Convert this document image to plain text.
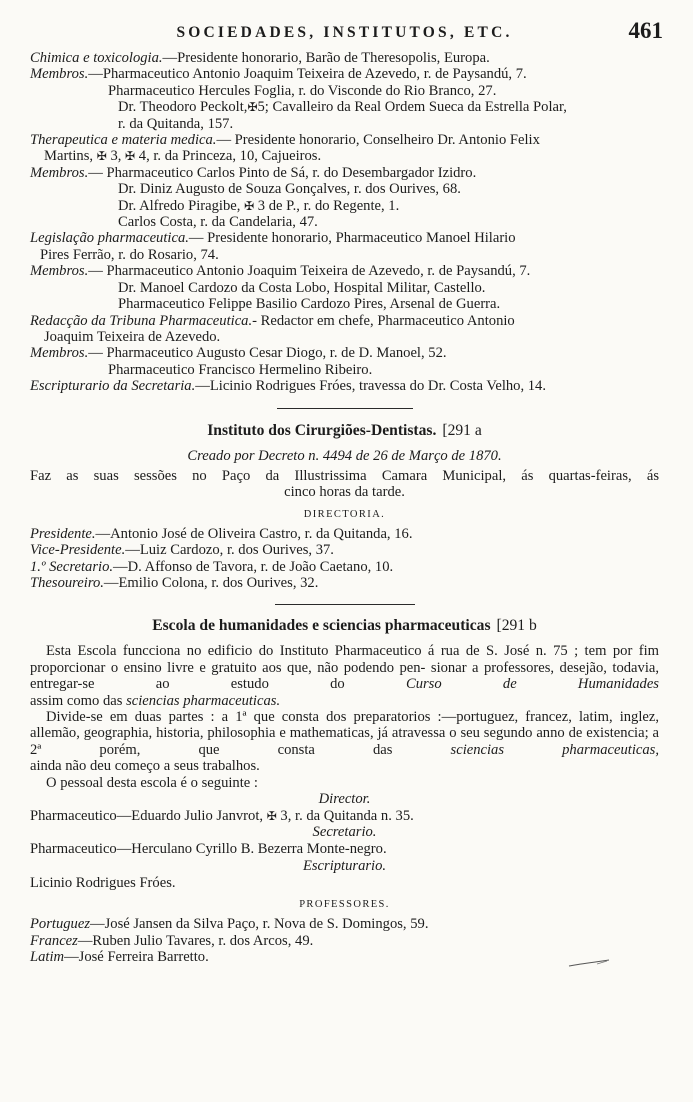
SOCIEDADES, INSTITUTOS, ETC.	461
Chimica e toxicologia.—Presidente honorario, Barão de Theresopolis, Europa.
Membros.—Pharmaceutico Antonio Joaquim Teixeira de Azevedo, r. de Paysandú, 7.
Pharmaceutico Hercules Foglia, r. do Visconde do Rio Branco, 27.
Dr. Theodoro Peckolt,✠5; Cavalleiro da Real Ordem Sueca da Estrella Polar,
r. da Quitanda, 157.
Therapeutica e materia medica.— Presidente honorario, Conselheiro Dr. Antonio Felix
Martins, ✠ 3, ✠ 4, r. da Princeza, 10, Cajueiros.
Membros.— Pharmaceutico Carlos Pinto de Sá, r. do Desembargador Izidro.
Dr. Diniz Augusto de Souza Gonçalves, r. dos Ourives, 68.
Dr. Alfredo Piragibe, ✠ 3 de P., r. do Regente, 1.
Carlos Costa, r. da Candelaria, 47.
Legislação pharmaceutica.— Presidente honorario, Pharmaceutico Manoel Hilario
Pires Ferrão, r. do Rosario, 74.
Membros.— Pharmaceutico Antonio Joaquim Teixeira de Azevedo, r. de Paysandú, 7.
Dr. Manoel Cardozo da Costa Lobo, Hospital Militar, Castello.
Pharmaceutico Felippe Basilio Cardozo Pires, Arsenal de Guerra.
Redacção da Tribuna Pharmaceutica.- Redactor em chefe, Pharmaceutico Antonio
Joaquim Teixeira de Azevedo.
Membros.— Pharmaceutico Augusto Cesar Diogo, r. de D. Manoel, 52.
Pharmaceutico Francisco Hermelino Ribeiro.
Escripturario da Secretaria.—Licinio Rodrigues Fróes, travessa do Dr. Costa Velho, 14.
Instituto dos Cirurgiões-Dentistas. [291 a
Creado por Decreto n. 4494 de 26 de Março de 1870.
Faz as suas sessões no Paço da Illustrissima Camara Municipal, ás quartas-feiras, ás
cinco horas da tarde.
DIRECTORIA.
Presidente.—Antonio José de Oliveira Castro, r. da Quitanda, 16.
Vice-Presidente.—Luiz Cardozo, r. dos Ourives, 37.
1.º Secretario.—D. Affonso de Tavora, r. de João Caetano, 10.
Thesoureiro.—Emilio Colona, r. dos Ourives, 32.
Escola de humanidades e sciencias pharmaceuticas [291 b
Esta Escola funcciona no edificio do Instituto Pharmaceutico á rua de S. José n. 75 ; tem por fim proporcionar o ensino livre e gratuito aos que, não podendo pen- sionar a professores, desejão, todavia, entregar-se ao estudo do	Curso de Humanidades
assim como das sciencias pharmaceuticas.
Divide-se em duas partes : a 1ª que consta dos preparatorios :—portuguez, francez, latim, inglez, allemão, geographia, historia, philosophia e mathematicas, já atravessa o seu segundo anno de existencia; a 2ª porém, que consta das	sciencias pharmaceuticas,
ainda não deu começo a seus trabalhos.
O pessoal desta escola é o seguinte :
Director.
Pharmaceutico—Eduardo Julio Janvrot, ✠ 3, r. da Quitanda n. 35.
Secretario.
Pharmaceutico—Herculano Cyrillo B. Bezerra Monte-negro.
Escripturario.
Licinio Rodrigues Fróes.
PROFESSORES.
Portuguez—José Jansen da Silva Paço, r. Nova de S. Domingos, 59.
Francez—Ruben Julio Tavares, r. dos Arcos, 49.
Latim—José Ferreira Barretto.
